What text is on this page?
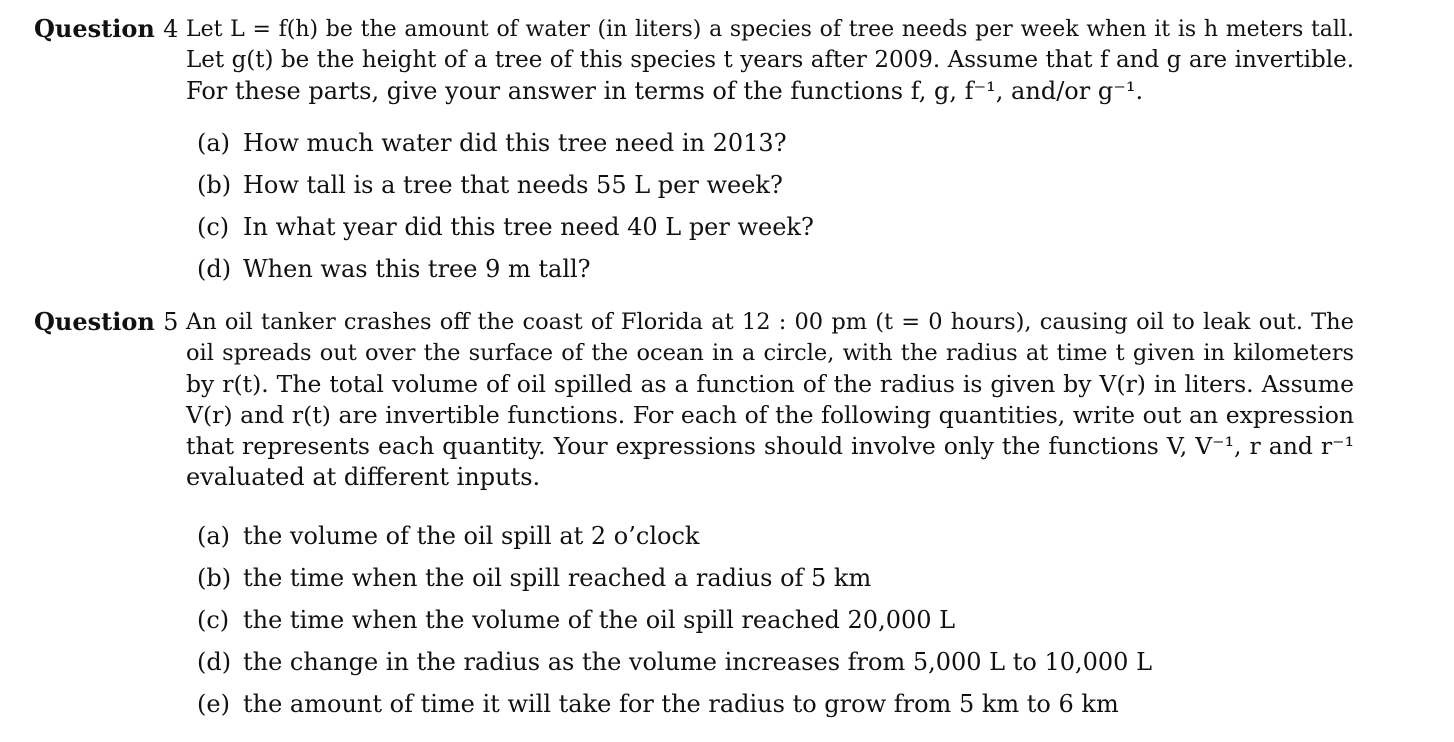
Question 4 Let L = f(h) be the amount of water (in liters) a species of tree needs per week when it is h meters tall.
Let g(t) be the height of a tree of this species t years after 2009. Assume that f and g are invertible.
For these parts, give your answer in terms of the functions f, g, f⁻¹, and/or g⁻¹.
(a) How much water did this tree need in 2013?
(b) How tall is a tree that needs 55 L per week?
(c) In what year did this tree need 40 L per week?
(d) When was this tree 9 m tall?
Question 5 An oil tanker crashes off the coast of Florida at 12 : 00 pm (t = 0 hours), causing oil to leak out. The
oil spreads out over the surface of the ocean in a circle, with the radius at time t given in kilometers
by r(t). The total volume of oil spilled as a function of the radius is given by V(r) in liters. Assume
V(r) and r(t) are invertible functions. For each of the following quantities, write out an expression
that represents each quantity. Your expressions should involve only the functions V, V⁻¹, r and r⁻¹
evaluated at different inputs.
(a) the volume of the oil spill at 2 o’clock
(b) the time when the oil spill reached a radius of 5 km
(c) the time when the volume of the oil spill reached 20,000 L
(d) the change in the radius as the volume increases from 5,000 L to 10,000 L
(e) the amount of time it will take for the radius to grow from 5 km to 6 km
